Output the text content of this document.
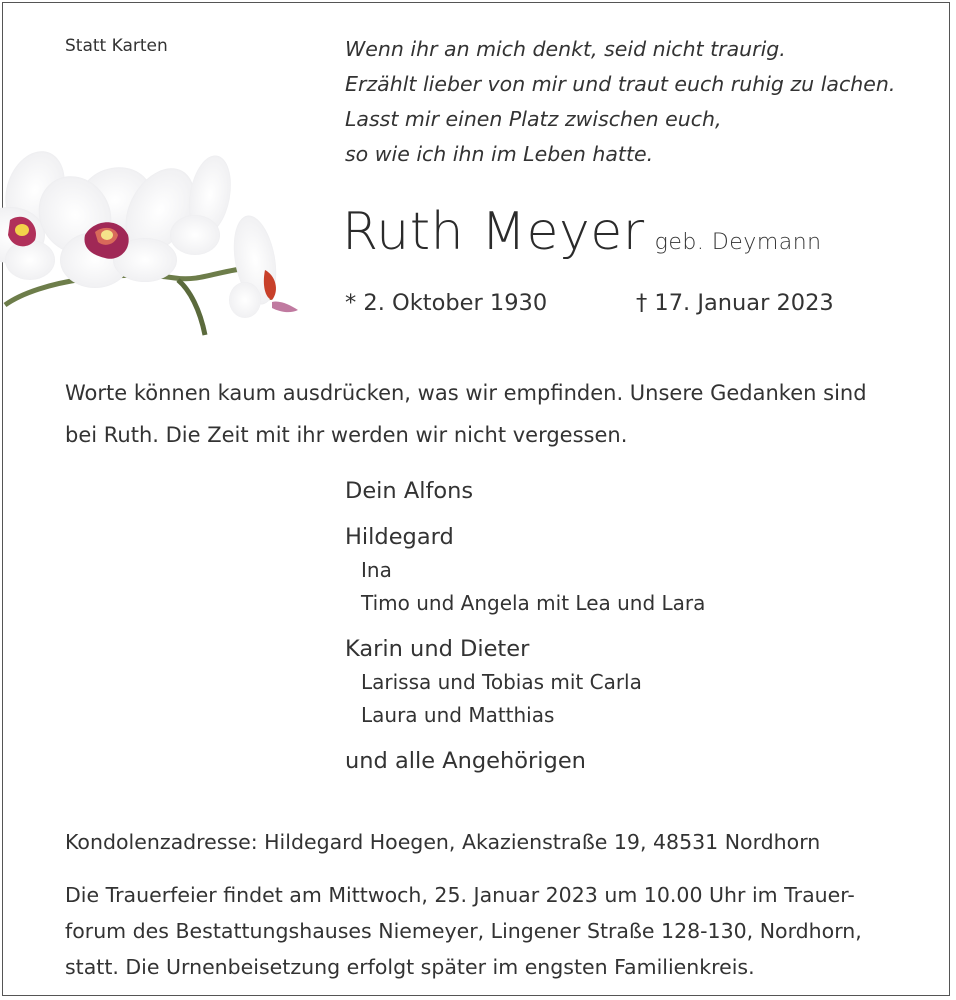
Statt Karten	Wenn ihr an mich denkt, seid nicht traurig.
Erzählt lieber von mir und traut euch ruhig zu lachen.
Lasst mir einen Platz zwischen euch,
so wie ich ihn im Leben hatte.
Ruth Meyer geb. Deymann
* 2. Oktober 1930	† 17. Januar 2023
Worte können kaum ausdrücken, was wir empfinden. Unsere Gedanken sind bei Ruth. Die Zeit mit ihr werden wir nicht vergessen.
Dein Alfons
Hildegard
Ina
Timo und Angela mit Lea und Lara
Karin und Dieter
Larissa und Tobias mit Carla
Laura und Matthias
und alle Angehörigen
Kondolenzadresse: Hildegard Hoegen, Akazienstraße 19, 48531 Nordhorn
Die Trauerfeier findet am Mittwoch, 25. Januar 2023 um 10.00 Uhr im Trauer-
forum des Bestattungshauses Niemeyer, Lingener Straße 128-130, Nordhorn,
statt. Die Urnenbeisetzung erfolgt später im engsten Familienkreis.
